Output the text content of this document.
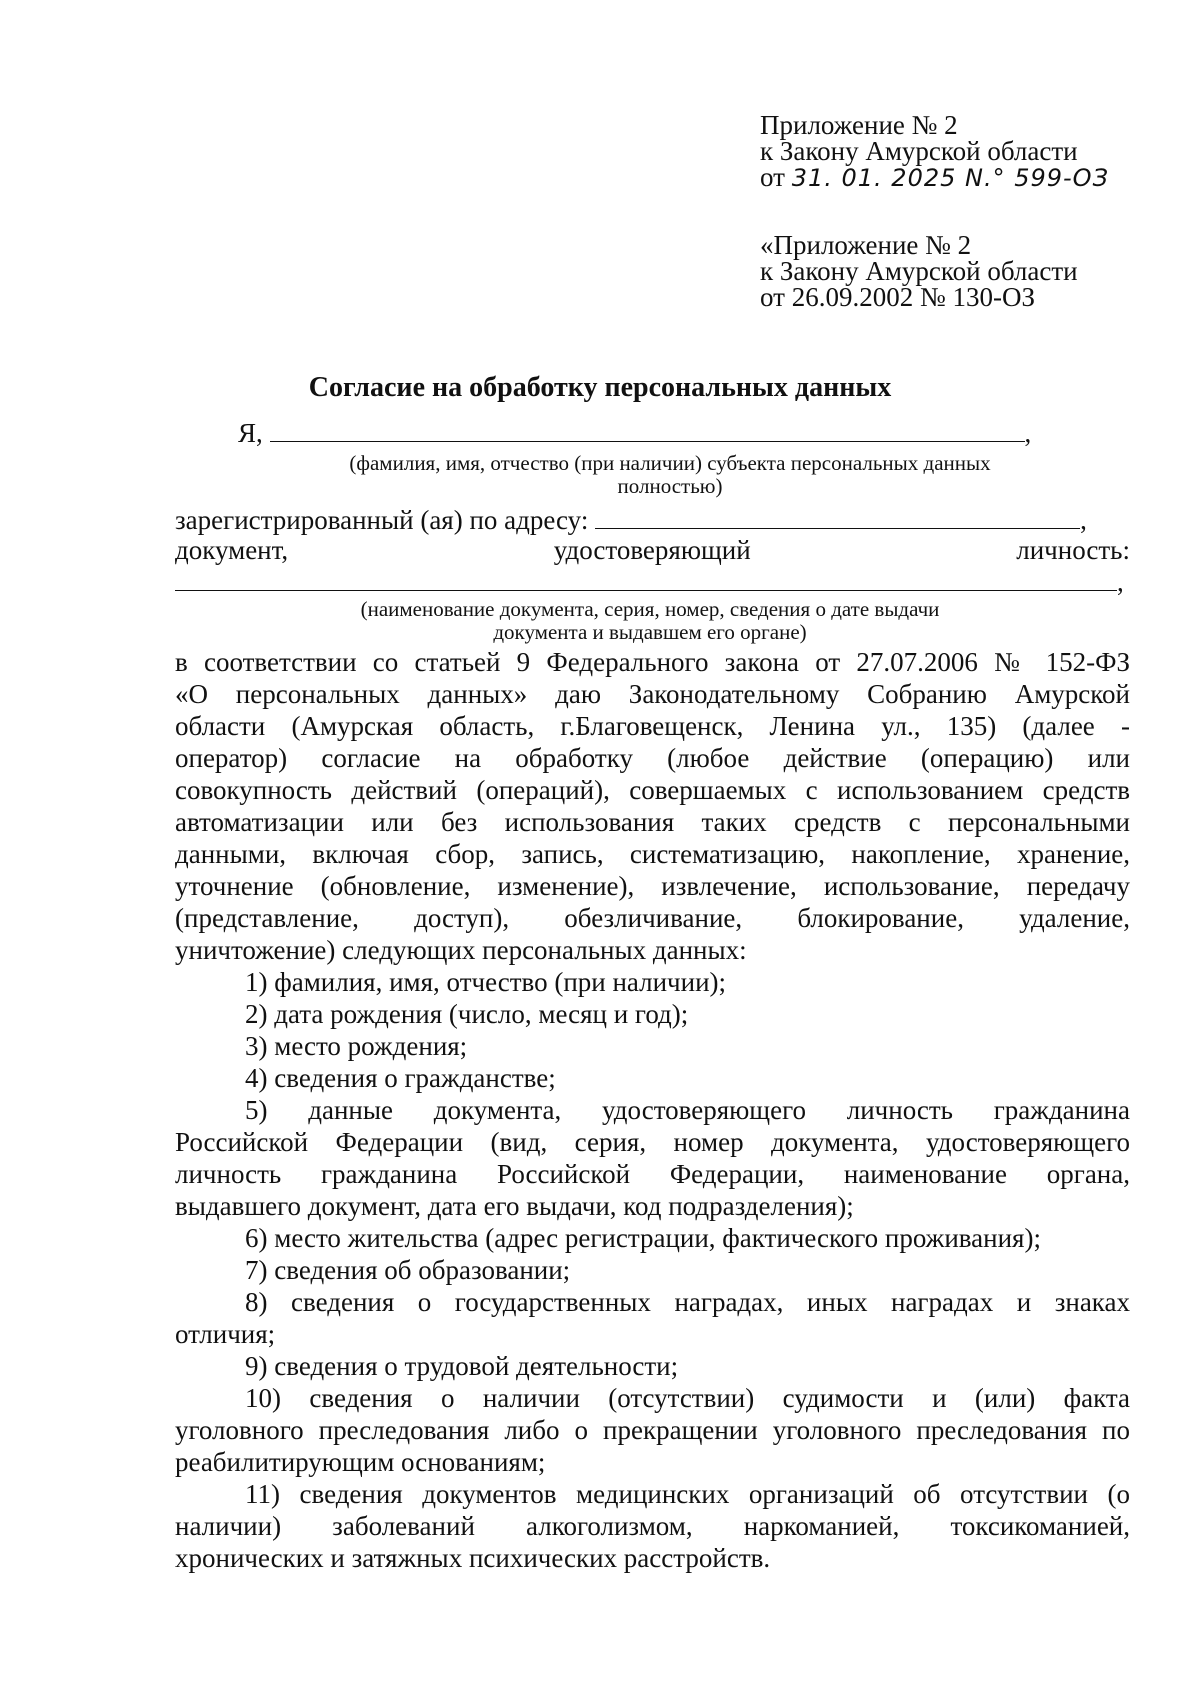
Приложение № 2
к Закону Амурской области
от 31. 01. 2025 N.° 599-ОЗ
«Приложение № 2
к Закону Амурской области
от 26.09.2002 № 130-ОЗ
Согласие на обработку персональных данных
Я,	,
(фамилия, имя, отчество (при наличии) субъекта персональных данных
полностью)
зарегистрированный (ая) по адресу:	,
документ,	удостоверяющий	личность:
,
(наименование документа, серия, номер, сведения о дате выдачи
документа и выдавшем его органе)
в соответствии со статьей 9 Федерального закона от 27.07.2006 № 152-ФЗ
«О персональных данных» даю Законодательному Собранию Амурской
области (Амурская область, г.Благовещенск, Ленина ул., 135) (далее -
оператор) согласие на обработку (любое действие (операцию) или
совокупность действий (операций), совершаемых с использованием средств
автоматизации или без использования таких средств с персональными
данными, включая сбор, запись, систематизацию, накопление, хранение,
уточнение (обновление, изменение), извлечение, использование, передачу
(представление, доступ), обезличивание, блокирование, удаление,
уничтожение) следующих персональных данных:
1) фамилия, имя, отчество (при наличии);
2) дата рождения (число, месяц и год);
3) место рождения;
4) сведения о гражданстве;
5) данные документа, удостоверяющего личность гражданина
Российской Федерации (вид, серия, номер документа, удостоверяющего
личность гражданина Российской Федерации, наименование органа,
выдавшего документ, дата его выдачи, код подразделения);
6) место жительства (адрес регистрации, фактического проживания);
7) сведения об образовании;
8) сведения о государственных наградах, иных наградах и знаках
отличия;
9) сведения о трудовой деятельности;
10) сведения о наличии (отсутствии) судимости и (или) факта
уголовного преследования либо о прекращении уголовного преследования по
реабилитирующим основаниям;
11) сведения документов медицинских организаций об отсутствии (о
наличии) заболеваний алкоголизмом, наркоманией, токсикоманией,
хронических и затяжных психических расстройств.
